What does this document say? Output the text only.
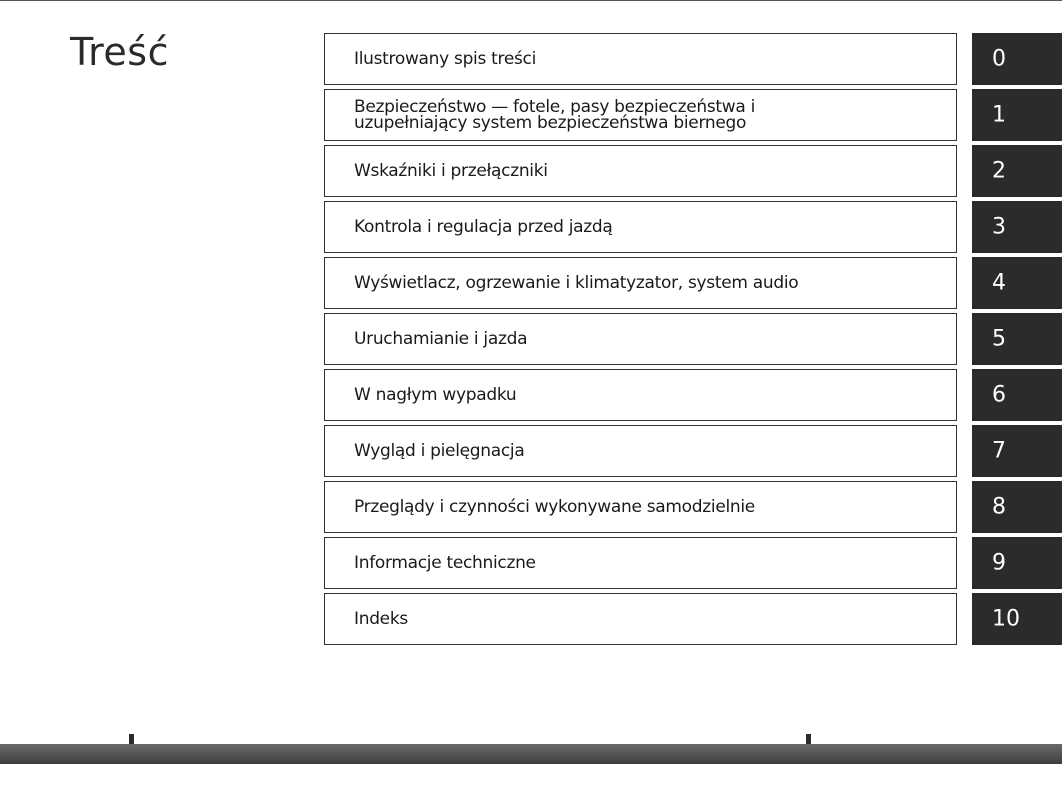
Treść	Ilustrowany spis treści	0
Bezpieczeństwo — fotele, pasy bezpieczeństwa i
uzupełniający system bezpieczeństwa biernego	1
Wskaźniki i przełączniki	2
Kontrola i regulacja przed jazdą	3
Wyświetlacz, ogrzewanie i klimatyzator, system audio	4
Uruchamianie i jazda	5
W nagłym wypadku	6
Wygląd i pielęgnacja	7
Przeglądy i czynności wykonywane samodzielnie	8
Informacje techniczne	9
Indeks	10
